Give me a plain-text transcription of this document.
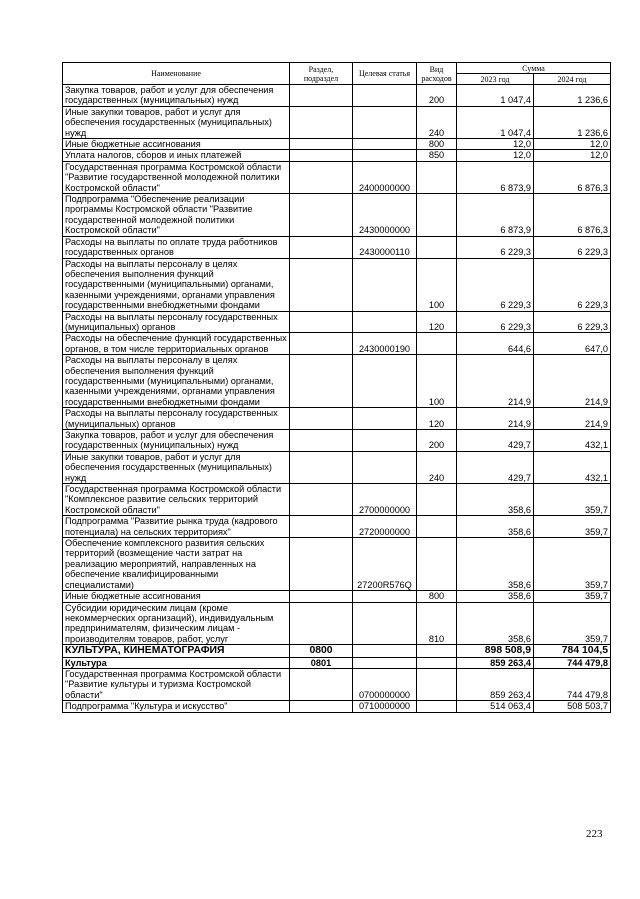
Наименование	Раздел, подраздел	Целевая статья	Вид расходов	Сумма	
				2023 год	2024 год
Закупка товаров, работ и услуг для обеспечения государственных (муниципальных) нужд			200	1 047,4	1 236,6
Иные закупки товаров, работ и услуг для обеспечения государственных (муниципальных) нужд			240	1 047,4	1 236,6
Иные бюджетные ассигнования			800	12,0	12,0
Уплата налогов, сборов и иных платежей			850	12,0	12,0
Государственная программа Костромской области "Развитие государственной молодежной политики Костромской области"		2400000000		6 873,9	6 876,3
Подпрограмма "Обеспечение реализации программы Костромской области "Развитие государственной молодежной политики Костромской области"		2430000000		6 873,9	6 876,3
Расходы на выплаты по оплате труда работников государственных органов		2430000110		6 229,3	6 229,3
Расходы на выплаты персоналу в целях обеспечения выполнения функций государственными (муниципальными) органами, казенными учреждениями, органами управления государственными внебюджетными фондами			100	6 229,3	6 229,3
Расходы на выплаты персоналу государственных (муниципальных) органов			120	6 229,3	6 229,3
Расходы на обеспечение функций государственных органов, в том числе территориальных органов		2430000190		644,6	647,0
Расходы на выплаты персоналу в целях обеспечения выполнения функций государственными (муниципальными) органами, казенными учреждениями, органами управления государственными внебюджетными фондами			100	214,9	214,9
Расходы на выплаты персоналу государственных (муниципальных) органов			120	214,9	214,9
Закупка товаров, работ и услуг для обеспечения государственных (муниципальных) нужд			200	429,7	432,1
Иные закупки товаров, работ и услуг для обеспечения государственных (муниципальных) нужд			240	429,7	432,1
Государственная программа Костромской области "Комплексное развитие сельских территорий Костромской области"		2700000000		358,6	359,7
Подпрограмма "Развитие рынка труда (кадрового потенциала) на сельских территориях"		2720000000		358,6	359,7
Обеспечение комплексного развития сельских территорий (возмещение части затрат на реализацию мероприятий, направленных на обеспечение квалифицированными специалистами)		27200R576Q		358,6	359,7
Иные бюджетные ассигнования			800	358,6	359,7
Субсидии юридическим лицам (кроме некоммерческих организаций), индивидуальным предпринимателям, физическим лицам - производителям товаров, работ, услуг			810	358,6	359,7
КУЛЬТУРА, КИНЕМАТОГРАФИЯ	0800			898 508,9	784 104,5
Культура	0801			859 263,4	744 479,8
Государственная программа Костромской области "Развитие культуры и туризма Костромской области"		0700000000		859 263,4	744 479,8
Подпрограмма "Культура и искусство"		0710000000		514 063,4	508 503,7
223
